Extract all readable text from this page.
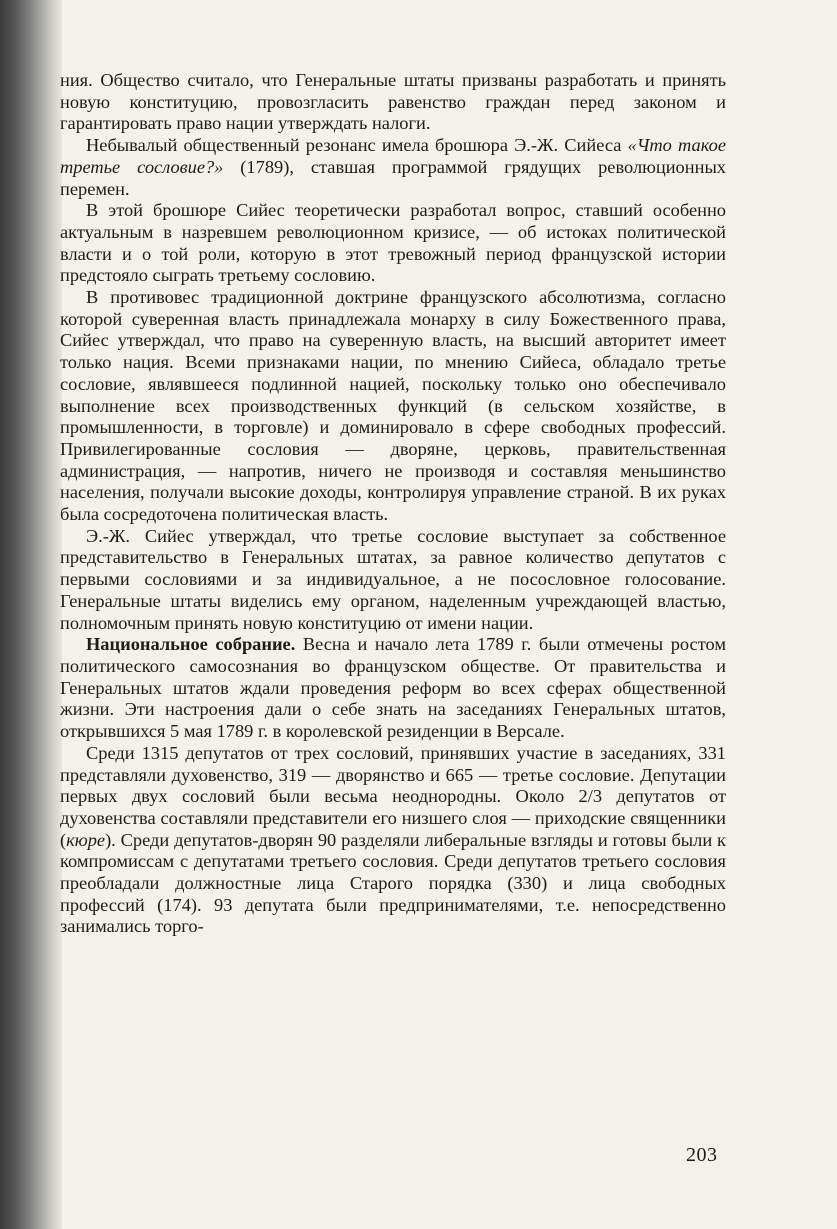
ния. Общество считало, что Генеральные штаты призваны разработать и принять новую конституцию, провозгласить равенство граждан перед законом и гарантировать право нации утверждать налоги.

Небывалый общественный резонанс имела брошюра Э.-Ж. Сийеса «Что такое третье сословие?» (1789), ставшая программой грядущих революционных перемен.

В этой брошюре Сийес теоретически разработал вопрос, ставший особенно актуальным в назревшем революционном кризисе, — об истоках политической власти и о той роли, которую в этот тревожный период французской истории предстояло сыграть третьему сословию.

В противовес традиционной доктрине французского абсолютизма, согласно которой суверенная власть принадлежала монарху в силу Божественного права, Сийес утверждал, что право на суверенную власть, на высший авторитет имеет только нация. Всеми признаками нации, по мнению Сийеса, обладало третье сословие, являвшееся подлинной нацией, поскольку только оно обеспечивало выполнение всех производственных функций (в сельском хозяйстве, в промышленности, в торговле) и доминировало в сфере свободных профессий. Привилегированные сословия — дворяне, церковь, правительственная администрация, — напротив, ничего не производя и составляя меньшинство населения, получали высокие доходы, контролируя управление страной. В их руках была сосредоточена политическая власть.

Э.-Ж. Сийес утверждал, что третье сословие выступает за собственное представительство в Генеральных штатах, за равное количество депутатов с первыми сословиями и за индивидуальное, а не посословное голосование. Генеральные штаты виделись ему органом, наделенным учреждающей властью, полномочным принять новую конституцию от имени нации.

Национальное собрание. Весна и начало лета 1789 г. были отмечены ростом политического самосознания во французском обществе. От правительства и Генеральных штатов ждали проведения реформ во всех сферах общественной жизни. Эти настроения дали о себе знать на заседаниях Генеральных штатов, открывшихся 5 мая 1789 г. в королевской резиденции в Версале.

Среди 1315 депутатов от трех сословий, принявших участие в заседаниях, 331 представляли духовенство, 319 — дворянство и 665 — третье сословие. Депутации первых двух сословий были весьма неоднородны. Около 2/3 депутатов от духовенства составляли представители его низшего слоя — приходские священники (кюре). Среди депутатов-дворян 90 разделяли либеральные взгляды и готовы были к компромиссам с депутатами третьего сословия. Среди депутатов третьего сословия преобладали должностные лица Старого порядка (330) и лица свободных профессий (174). 93 депутата были предпринимателями, т.е. непосредственно занимались торго-

203
